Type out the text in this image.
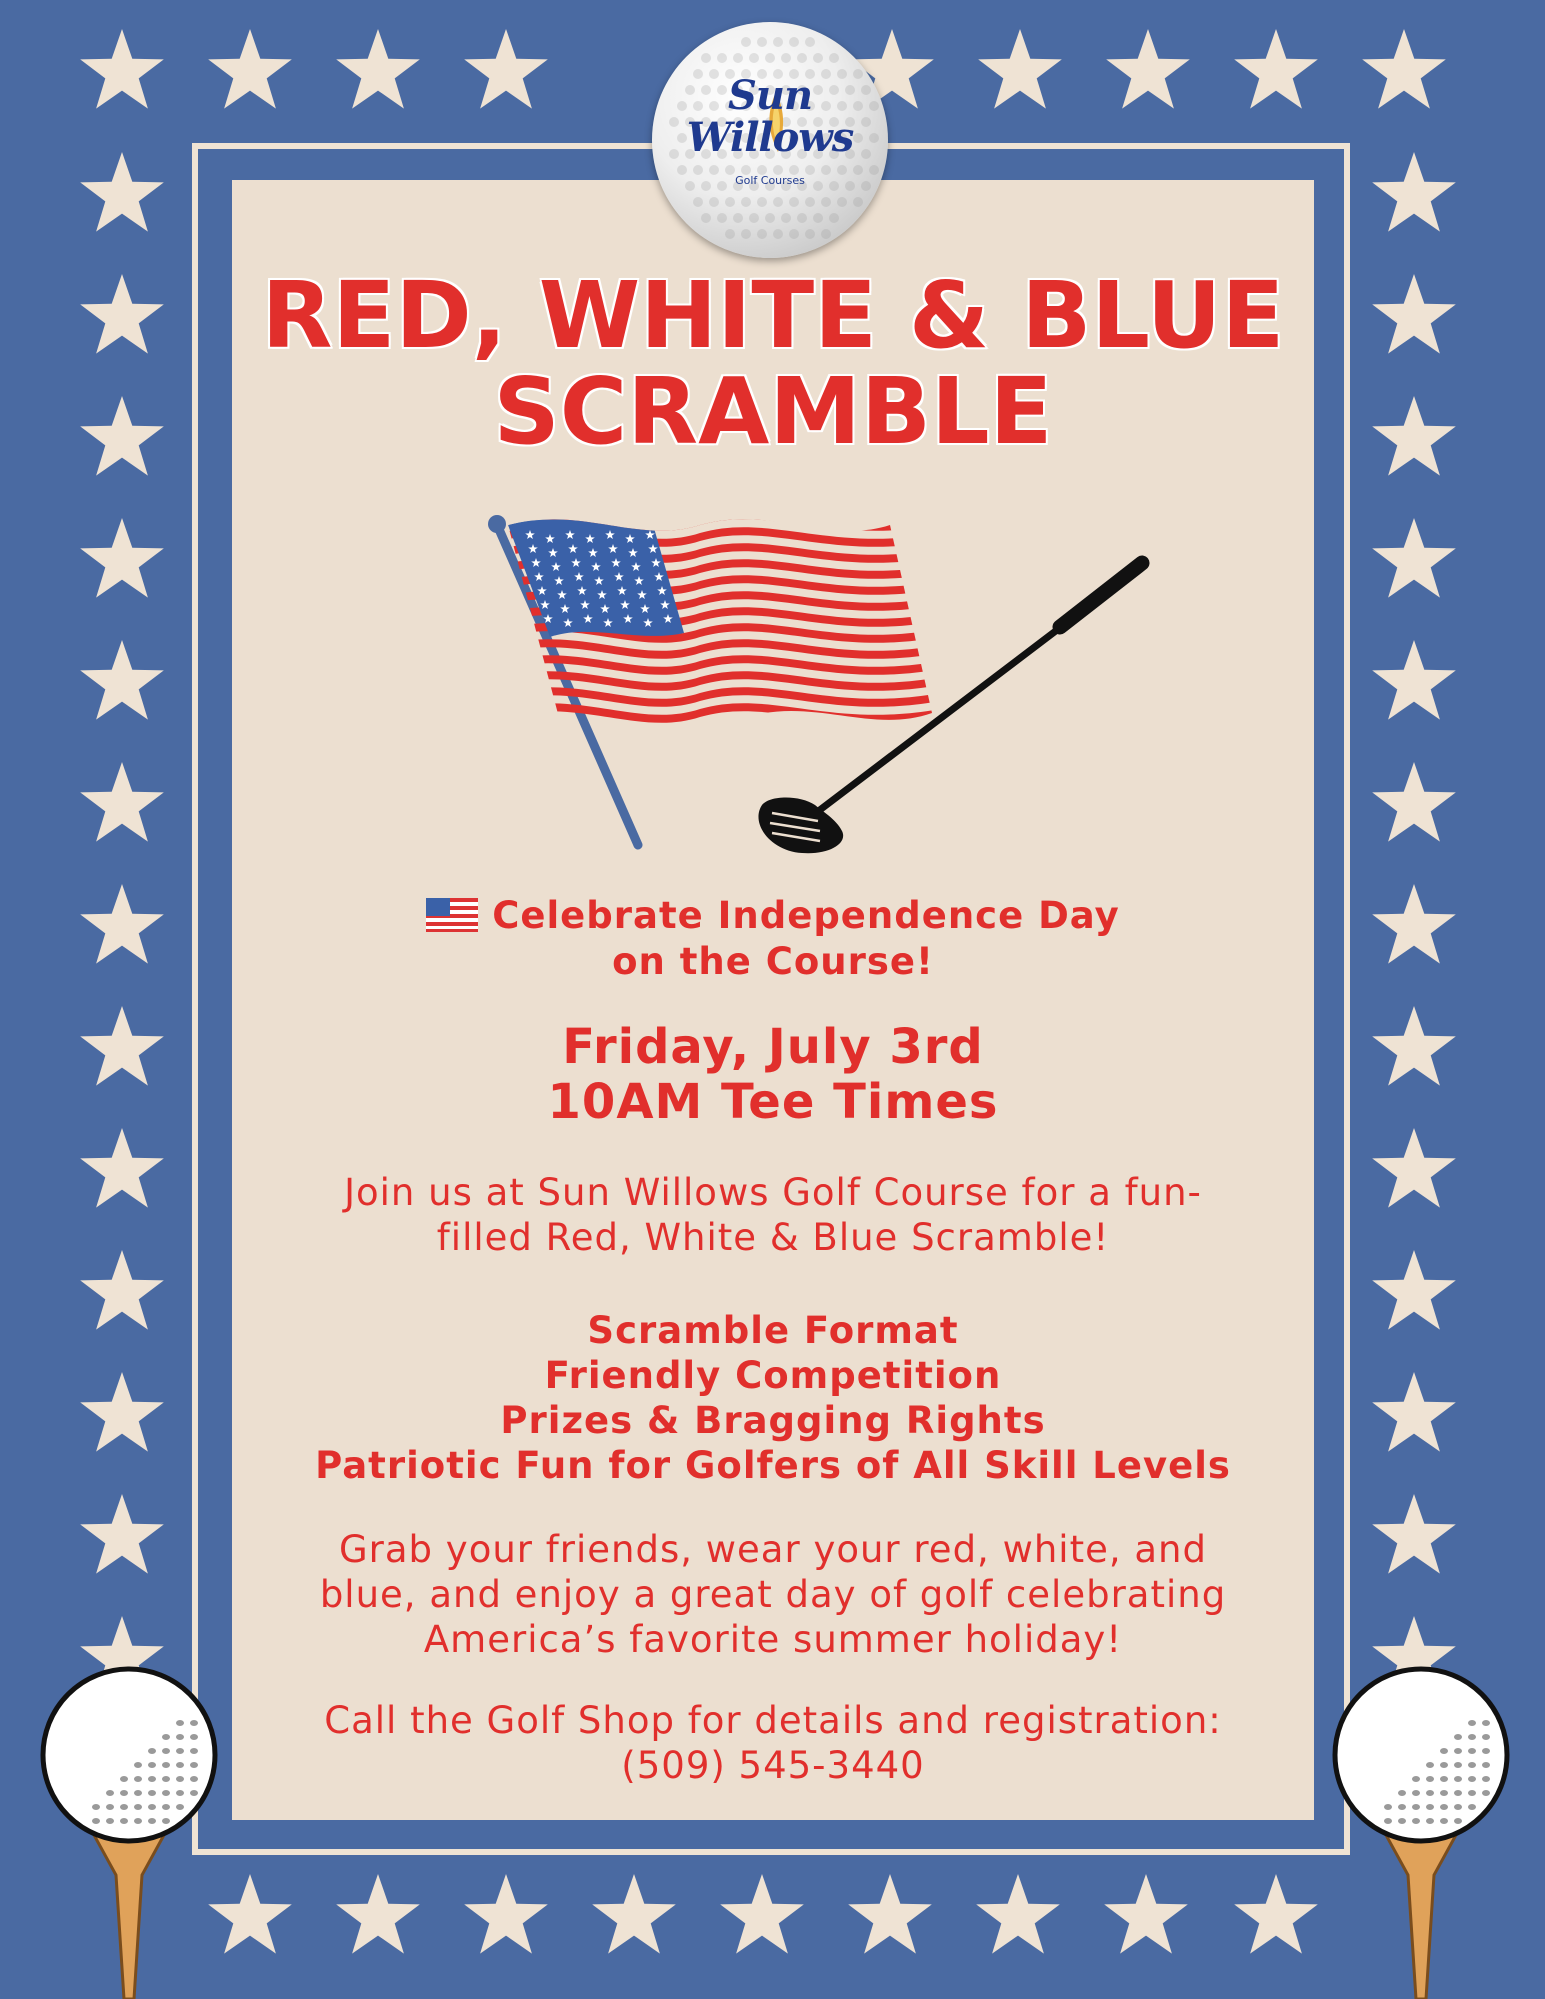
Sun
Willows
Golf Courses
RED, WHITE & BLUE
SCRAMBLE
Celebrate Independence Day
on the Course!
Friday, July 3rd
10AM Tee Times
Join us at Sun Willows Golf Course for a fun-
filled Red, White & Blue Scramble!
Scramble Format
Friendly Competition
Prizes & Bragging Rights
Patriotic Fun for Golfers of All Skill Levels
Grab your friends, wear your red, white, and
blue, and enjoy a great day of golf celebrating
America’s favorite summer holiday!
Call the Golf Shop for details and registration:
(509) 545-3440
